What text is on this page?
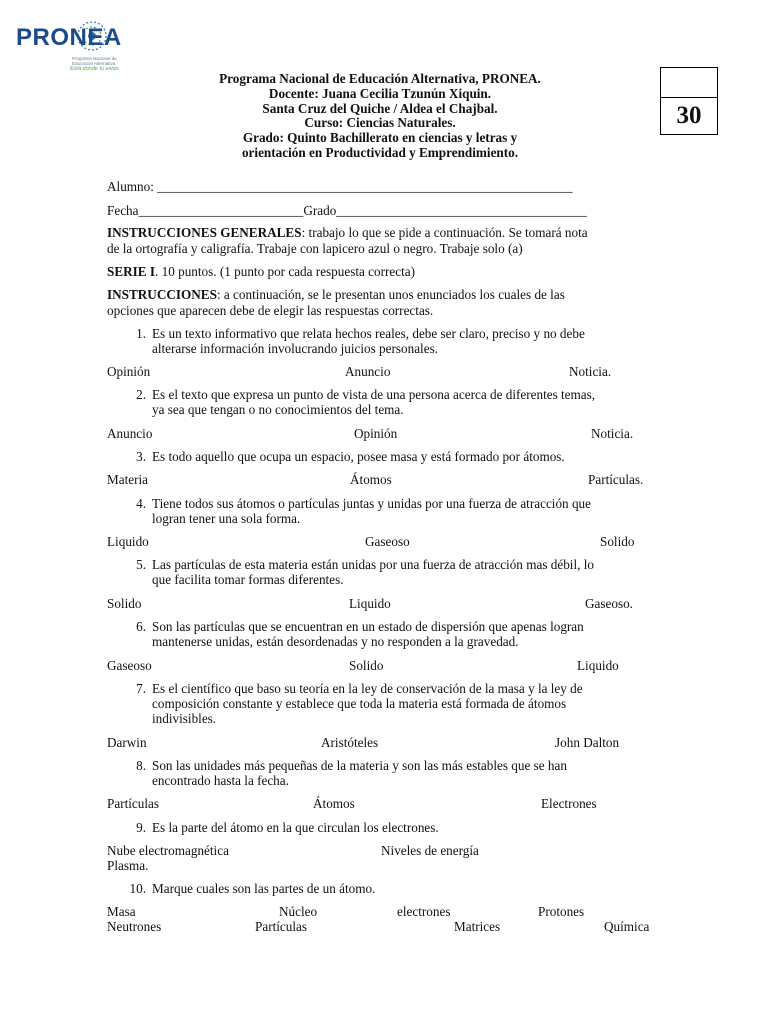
PRONEA
Programa Nacional de
Educación Alternativa
Está donde tú estás
Programa Nacional de Educación Alternativa, PRONEA.
Docente: Juana Cecilia Tzunún Xiquin.
Santa Cruz del Quiche / Aldea el Chajbal.
Curso: Ciencias Naturales.
Grado: Quinto Bachillerato en ciencias y letras y
orientación en Productividad y Emprendimiento.
30
Alumno: _______________________________________________________________
Fecha_________________________Grado______________________________________
INSTRUCCIONES GENERALES: trabajo lo que se pide a continuación. Se tomará nota
de la ortografía y caligrafía. Trabaje con lapicero azul o negro. Trabaje solo (a)
SERIE I. 10 puntos. (1 punto por cada respuesta correcta)
INSTRUCCIONES: a continuación, se le presentan unos enunciados los cuales de las
opciones que aparecen debe de elegir las respuestas correctas.
1. Es un texto informativo que relata hechos reales, debe ser claro, preciso y no debe
alterarse información involucrando juicios personales.
Opinión	Anuncio	Noticia.
2. Es el texto que expresa un punto de vista de una persona acerca de diferentes temas,
ya sea que tengan o no conocimientos del tema.
Anuncio	Opinión	Noticia.
3. Es todo aquello que ocupa un espacio, posee masa y está formado por átomos.
Materia	Átomos	Partículas.
4. Tiene todos sus átomos o partículas juntas y unidas por una fuerza de atracción que
logran tener una sola forma.
Liquido	Gaseoso	Solido
5. Las partículas de esta materia están unidas por una fuerza de atracción mas débil, lo
que facilita tomar formas diferentes.
Solido	Liquido	Gaseoso.
6. Son las partículas que se encuentran en un estado de dispersión que apenas logran
mantenerse unidas, están desordenadas y no responden a la gravedad.
Gaseoso	Solido	Liquido
7. Es el científico que baso su teoría en la ley de conservación de la masa y la ley de
composición constante y establece que toda la materia está formada de átomos
indivisibles.
Darwin	Aristóteles	John Dalton
8. Son las unidades más pequeñas de la materia y son las más estables que se han
encontrado hasta la fecha.
Partículas	Átomos	Electrones
9. Es la parte del átomo en la que circulan los electrones.
Nube electromagnética	Niveles de energía
Plasma.
10. Marque cuales son las partes de un átomo.
Masa	Núcleo	electrones	Protones
Neutrones	Partículas	Matrices	Química
